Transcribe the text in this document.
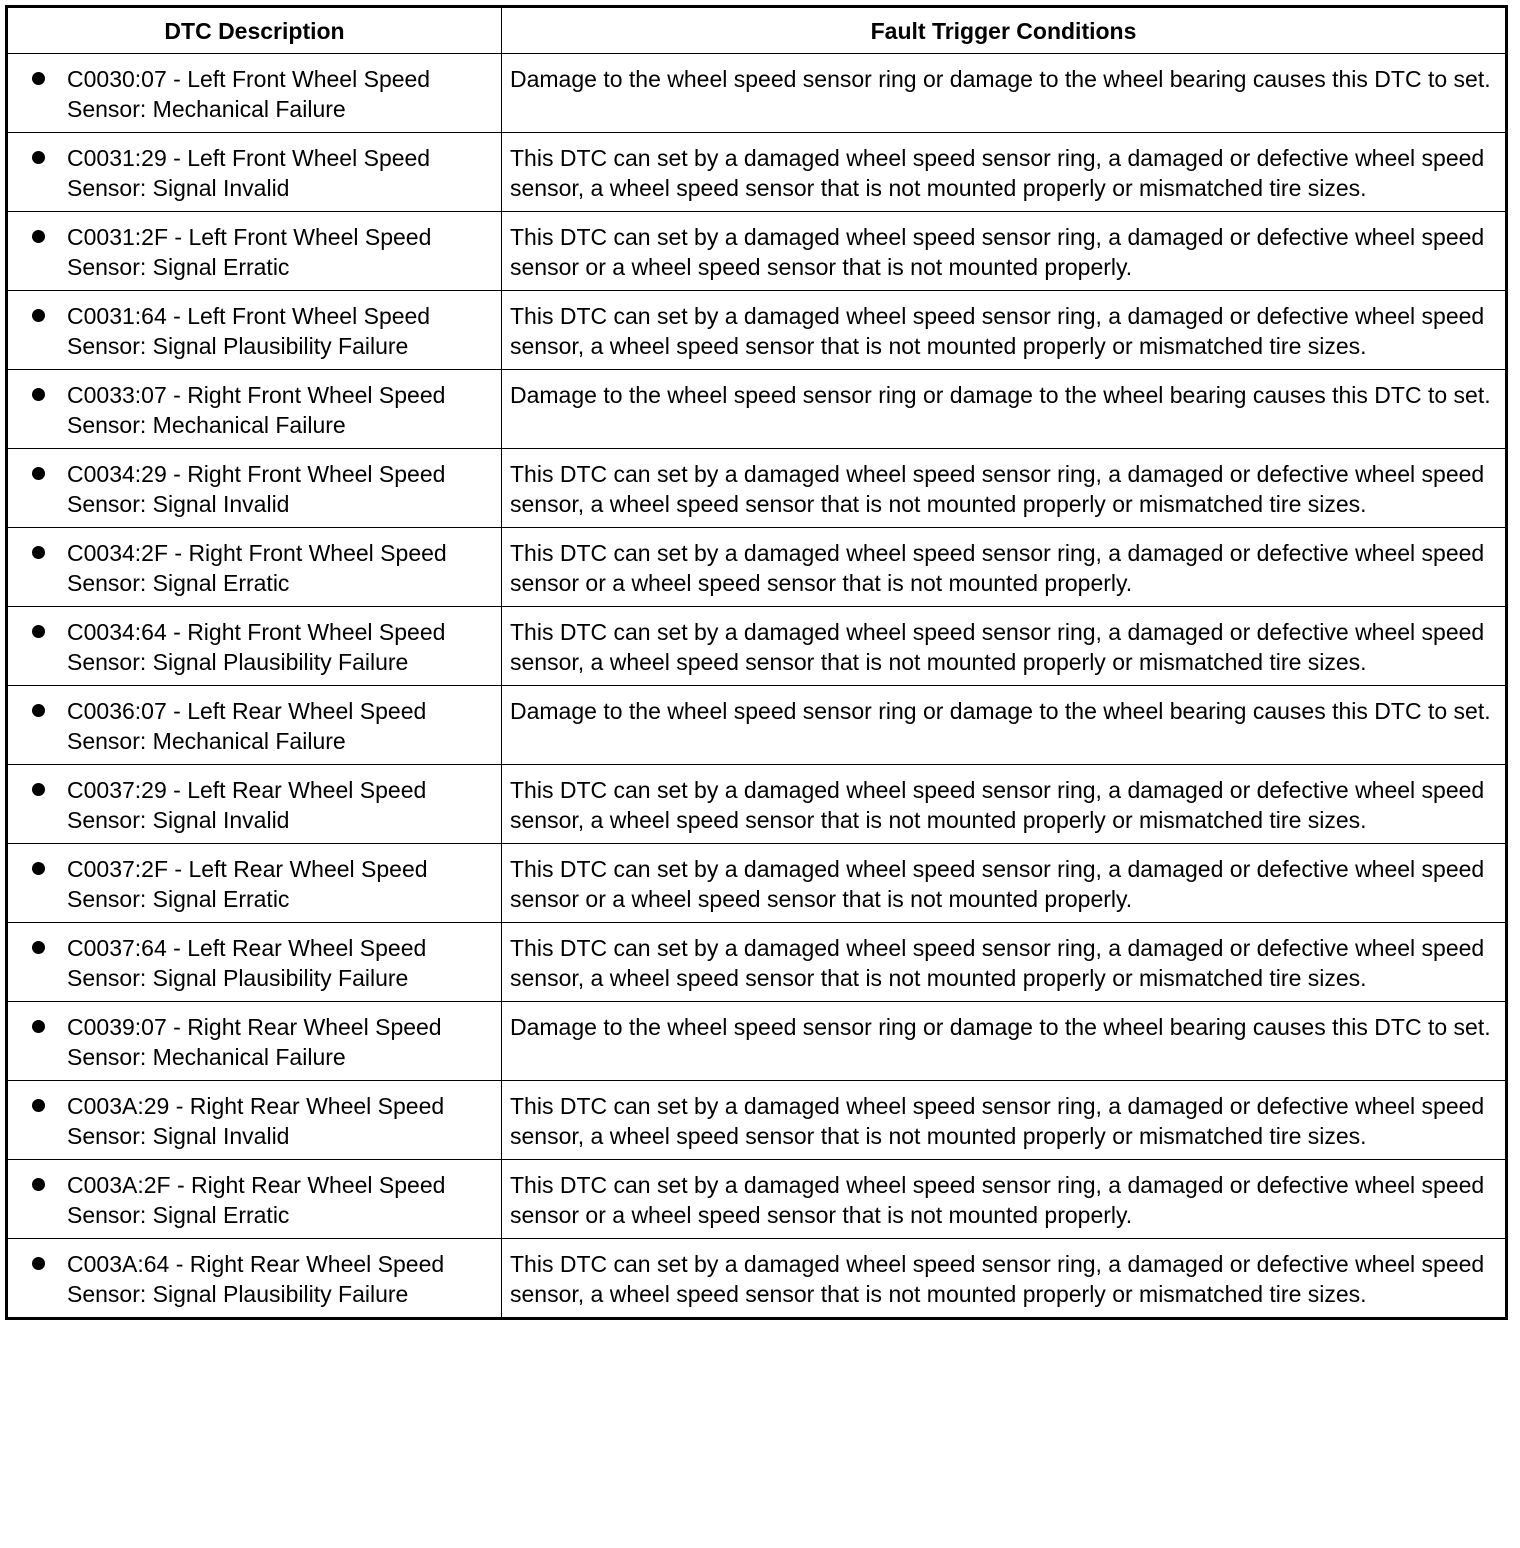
DTC Description	Fault Trigger Conditions

C0030:07 - Left Front Wheel Speed Sensor: Mechanical Failure	Damage to the wheel speed sensor ring or damage to the wheel bearing causes this DTC to set.

C0031:29 - Left Front Wheel Speed Sensor: Signal Invalid	This DTC can set by a damaged wheel speed sensor ring, a damaged or defective wheel speed sensor, a wheel speed sensor that is not mounted properly or mismatched tire sizes.

C0031:2F - Left Front Wheel Speed Sensor: Signal Erratic	This DTC can set by a damaged wheel speed sensor ring, a damaged or defective wheel speed sensor or a wheel speed sensor that is not mounted properly.

C0031:64 - Left Front Wheel Speed Sensor: Signal Plausibility Failure	This DTC can set by a damaged wheel speed sensor ring, a damaged or defective wheel speed sensor, a wheel speed sensor that is not mounted properly or mismatched tire sizes.

C0033:07 - Right Front Wheel Speed Sensor: Mechanical Failure	Damage to the wheel speed sensor ring or damage to the wheel bearing causes this DTC to set.

C0034:29 - Right Front Wheel Speed Sensor: Signal Invalid	This DTC can set by a damaged wheel speed sensor ring, a damaged or defective wheel speed sensor, a wheel speed sensor that is not mounted properly or mismatched tire sizes.

C0034:2F - Right Front Wheel Speed Sensor: Signal Erratic	This DTC can set by a damaged wheel speed sensor ring, a damaged or defective wheel speed sensor or a wheel speed sensor that is not mounted properly.

C0034:64 - Right Front Wheel Speed Sensor: Signal Plausibility Failure	This DTC can set by a damaged wheel speed sensor ring, a damaged or defective wheel speed sensor, a wheel speed sensor that is not mounted properly or mismatched tire sizes.

C0036:07 - Left Rear Wheel Speed Sensor: Mechanical Failure	Damage to the wheel speed sensor ring or damage to the wheel bearing causes this DTC to set.

C0037:29 - Left Rear Wheel Speed Sensor: Signal Invalid	This DTC can set by a damaged wheel speed sensor ring, a damaged or defective wheel speed sensor, a wheel speed sensor that is not mounted properly or mismatched tire sizes.

C0037:2F - Left Rear Wheel Speed Sensor: Signal Erratic	This DTC can set by a damaged wheel speed sensor ring, a damaged or defective wheel speed sensor or a wheel speed sensor that is not mounted properly.

C0037:64 - Left Rear Wheel Speed Sensor: Signal Plausibility Failure	This DTC can set by a damaged wheel speed sensor ring, a damaged or defective wheel speed sensor, a wheel speed sensor that is not mounted properly or mismatched tire sizes.

C0039:07 - Right Rear Wheel Speed Sensor: Mechanical Failure	Damage to the wheel speed sensor ring or damage to the wheel bearing causes this DTC to set.

C003A:29 - Right Rear Wheel Speed Sensor: Signal Invalid	This DTC can set by a damaged wheel speed sensor ring, a damaged or defective wheel speed sensor, a wheel speed sensor that is not mounted properly or mismatched tire sizes.

C003A:2F - Right Rear Wheel Speed Sensor: Signal Erratic	This DTC can set by a damaged wheel speed sensor ring, a damaged or defective wheel speed sensor or a wheel speed sensor that is not mounted properly.

C003A:64 - Right Rear Wheel Speed Sensor: Signal Plausibility Failure	This DTC can set by a damaged wheel speed sensor ring, a damaged or defective wheel speed sensor, a wheel speed sensor that is not mounted properly or mismatched tire sizes.
